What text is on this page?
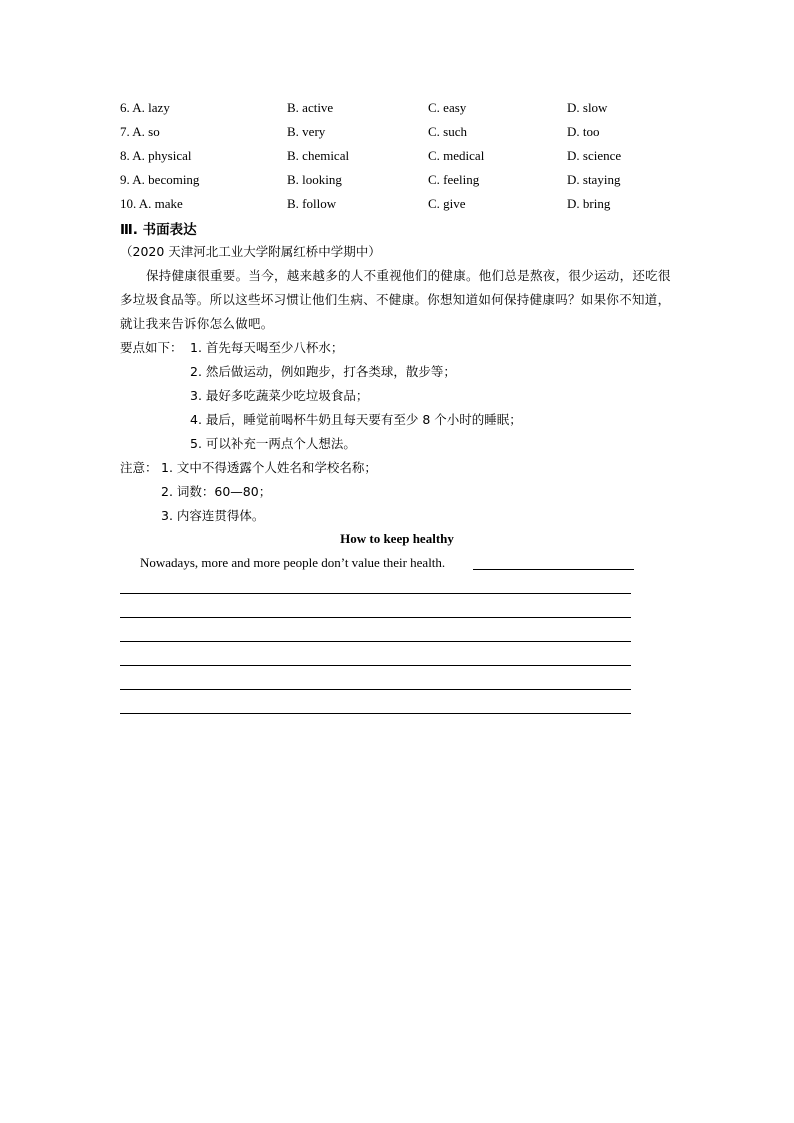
6. A. lazy	B. active	C. easy	D. slow
7. A. so	B. very	C. such	D. too
8. A. physical	B. chemical	C. medical	D. science
9. A. becoming	B. looking	C. feeling	D. staying
10. A. make	B. follow	C. give	D. bring
Ⅲ. 书面表达
（2020 天津河北工业大学附属红桥中学期中）
保持健康很重要。当今，越来越多的人不重视他们的健康。他们总是熬夜，很少运动，还吃很多垃圾食品等。所以这些坏习惯让他们生病、不健康。你想知道如何保持健康吗？如果你不知道，就让我来告诉你怎么做吧。
要点如下： 1. 首先每天喝至少八杯水；
2. 然后做运动，例如跑步，打各类球，散步等；
3. 最好多吃蔬菜少吃垃圾食品；
4. 最后，睡觉前喝杯牛奶且每天要有至少 8 个小时的睡眠；
5. 可以补充一两点个人想法。
注意： 1. 文中不得透露个人姓名和学校名称；
2. 词数：60—80；
3. 内容连贯得体。
How to keep healthy
Nowadays, more and more people don’t value their health.
